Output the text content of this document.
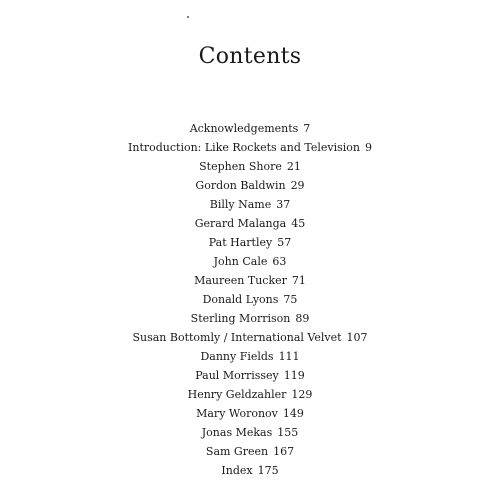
Contents
Acknowledgements 7
Introduction: Like Rockets and Television 9
Stephen Shore 21
Gordon Baldwin 29
Billy Name 37
Gerard Malanga 45
Pat Hartley 57
John Cale 63
Maureen Tucker 71
Donald Lyons 75
Sterling Morrison 89
Susan Bottomly / International Velvet 107
Danny Fields 111
Paul Morrissey 119
Henry Geldzahler 129
Mary Woronov 149
Jonas Mekas 155
Sam Green 167
Index 175
